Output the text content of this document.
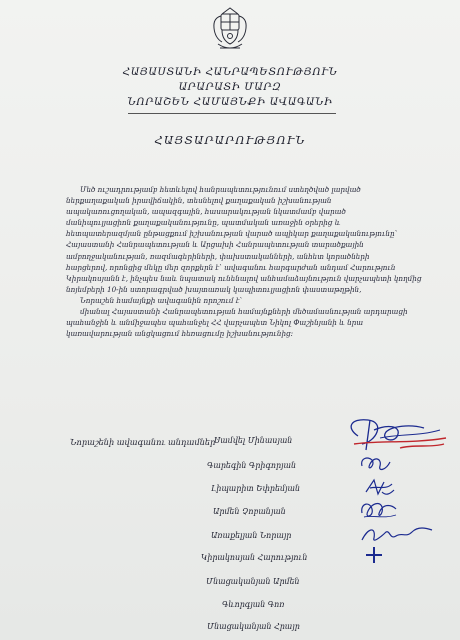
ՀԱՅԱՍՏԱՆԻ ՀԱՆՐԱՊԵՏՈՒԹՅՈՒՆ
ԱՐԱՐԱՏԻ ՄԱՐԶ
ՆՈՐԱՇԵՆ ՀԱՄԱՅՆՔԻ ԱՎԱԳԱՆԻ
ՀԱՅՏԱՐԱՐՈՒԹՅՈՒՆ
Մեծ ուշադրությամբ հետևելով հանրապետությունում ստեղծված լարված
ներքաղաքական իրավիճակին, տեսնելով քաղաքական իշխանության
ապակառուցողական, ապազգային, հասարակության նկատմամբ վարած
մանիպուլյացիոն քաղաքականությունը, պատմական առաջին օրերից և
հետպատերազմյան ընթացքում իշխանության վարած ապիկար քաղաքականությունը՝
Հայաստանի Հանրապետության և Արցախի Հանրապետության տարածքային
ամբողջականության, ռազմագերիների, փախստականների, անհետ կորածների
հարցերով, որոնցից մեկը մեր զորքերն է՝ ավագանու հարգարժան անդամ Հարություն
Կիրակոսյանն է, ինչպես նաև նպատակ ունենալով անհամաձայնություն վարչապետի կողմից
նոյեմբերի 10-ին ստորագրված խայտառակ կապիտուլյացիոն փաստաթղթին,
Նորաշեն համայնքի ավագանին որոշում է՝
միանալ Հայաստանի Հանրապետության համայնքների մեծամասնության արդարացի
պահանջին և անմիջապես պահանջել ՀՀ վարչապետ Նիկոլ Փաշինյանի և նրա
կառավարության անցկացում հեռացումը իշխանությունից:
Նորաշենի ավագանու անդամներ՝
Սամվել Մինասյան
Գարեգին Գրիգորյան
Լիպարիտ Եփրեմյան
Արմեն Չոբանյան
Առաքելյան Նորայր
Կիրակոսյան Հարություն
Մնացականյան Արմեն
Գևորգյան Գոռ
Մնացականյան Հրայր
